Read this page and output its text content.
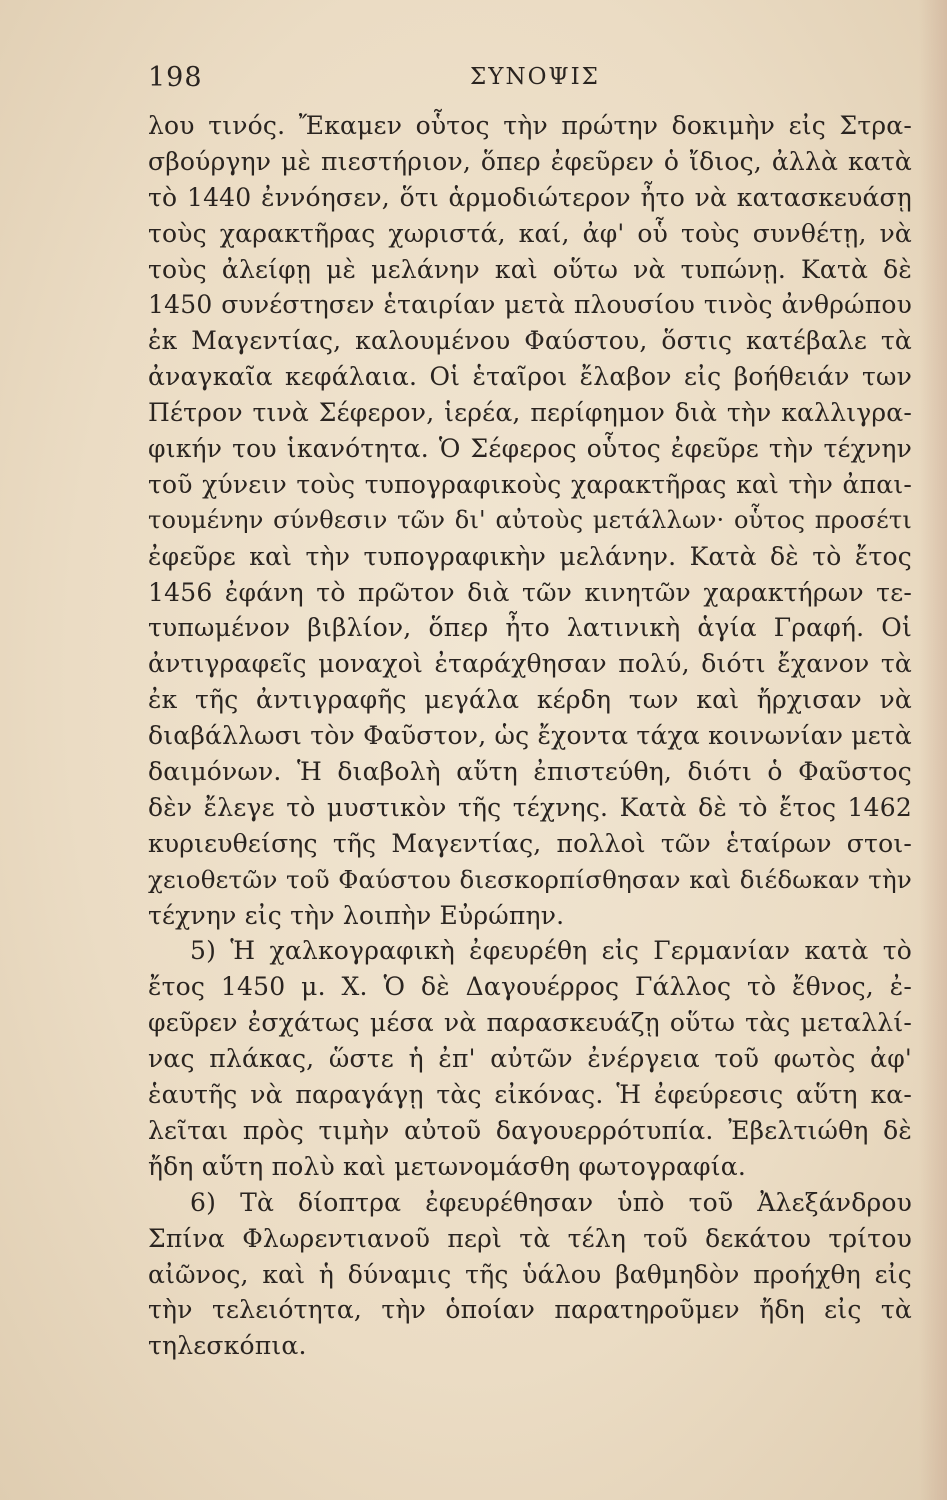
198	ΣΥΝΟΨΙΣ
λου τινός. Ἔκαμεν οὗτος τὴν πρώτην δοκιμὴν εἰς Στρα-
σβούργην μὲ πιεστήριον, ὅπερ ἐφεῦρεν ὁ ἴδιος, ἀλλὰ κατὰ
τὸ 1440 ἐννόησεν, ὅτι ἁρμοδιώτερον ἦτο νὰ κατασκευάσῃ
τοὺς χαρακτῆρας χωριστά, καί, ἀφ' οὗ τοὺς συνθέτῃ, νὰ
τοὺς ἀλείφῃ μὲ μελάνην καὶ οὕτω νὰ τυπώνῃ. Κατὰ δὲ
1450 συνέστησεν ἑταιρίαν μετὰ πλουσίου τινὸς ἀνθρώπου
ἐκ Μαγεντίας, καλουμένου Φαύστου, ὅστις κατέβαλε τὰ
ἀναγκαῖα κεφάλαια. Οἱ ἑταῖροι ἔλαβον εἰς βοήθειάν των
Πέτρον τινὰ Σέφερον, ἱερέα, περίφημον διὰ τὴν καλλιγρα-
φικήν του ἱκανότητα. Ὁ Σέφερος οὗτος ἐφεῦρε τὴν τέχνην
τοῦ χύνειν τοὺς τυπογραφικοὺς χαρακτῆρας καὶ τὴν ἀπαι-
τουμένην σύνθεσιν τῶν δι' αὐτοὺς μετάλλων· οὗτος προσέτι
ἐφεῦρε καὶ τὴν τυπογραφικὴν μελάνην. Κατὰ δὲ τὸ ἔτος
1456 ἐφάνη τὸ πρῶτον διὰ τῶν κινητῶν χαρακτήρων τε-
τυπωμένον βιβλίον, ὅπερ ἦτο λατινικὴ ἁγία Γραφή. Οἱ
ἀντιγραφεῖς μοναχοὶ ἐταράχθησαν πολύ, διότι ἔχανον τὰ
ἐκ τῆς ἀντιγραφῆς μεγάλα κέρδη των καὶ ἤρχισαν νὰ
διαβάλλωσι τὸν Φαῦστον, ὡς ἔχοντα τάχα κοινωνίαν μετὰ
δαιμόνων. Ἡ διαβολὴ αὕτη ἐπιστεύθη, διότι ὁ Φαῦστος
δὲν ἔλεγε τὸ μυστικὸν τῆς τέχνης. Κατὰ δὲ τὸ ἔτος 1462
κυριευθείσης τῆς Μαγεντίας, πολλοὶ τῶν ἑταίρων στοι-
χειοθετῶν τοῦ Φαύστου διεσκορπίσθησαν καὶ διέδωκαν τὴν
τέχνην εἰς τὴν λοιπὴν Εὐρώπην.
5) Ἡ χαλκογραφικὴ ἐφευρέθη εἰς Γερμανίαν κατὰ τὸ
ἔτος 1450 μ. Χ. Ὁ δὲ Δαγουέρρος Γάλλος τὸ ἔθνος, ἐ-
φεῦρεν ἐσχάτως μέσα νὰ παρασκευάζῃ οὕτω τὰς μεταλλί-
νας πλάκας, ὥστε ἡ ἐπ' αὐτῶν ἐνέργεια τοῦ φωτὸς ἀφ'
ἑαυτῆς νὰ παραγάγῃ τὰς εἰκόνας. Ἡ ἐφεύρεσις αὕτη κα-
λεῖται πρὸς τιμὴν αὐτοῦ δαγουερρότυπία. Ἐβελτιώθη δὲ
ἤδη αὕτη πολὺ καὶ μετωνομάσθη φωτογραφία.
6) Τὰ δίοπτρα ἐφευρέθησαν ὑπὸ τοῦ Ἀλεξάνδρου
Σπίνα Φλωρεντιανοῦ περὶ τὰ τέλη τοῦ δεκάτου τρίτου
αἰῶνος, καὶ ἡ δύναμις τῆς ὑάλου βαθμηδὸν προήχθη εἰς
τὴν τελειότητα, τὴν ὁποίαν παρατηροῦμεν ἤδη εἰς τὰ
τηλεσκόπια.
